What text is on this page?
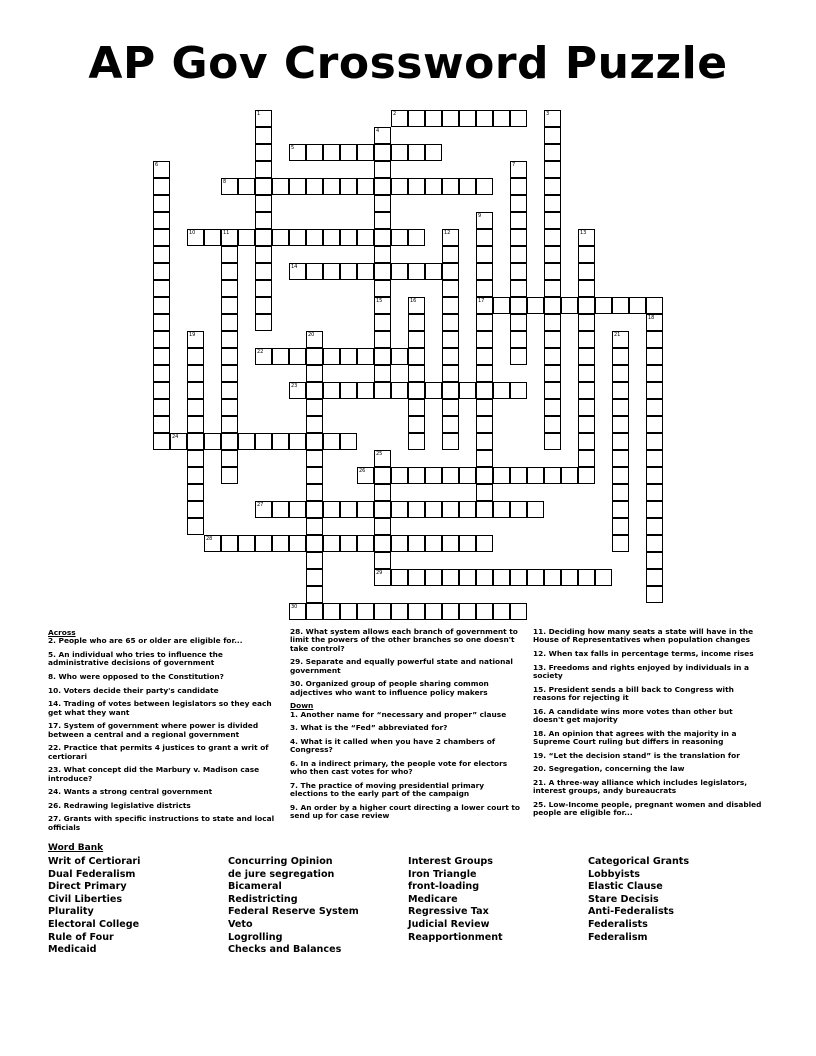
AP Gov Crossword Puzzle
1	2	3
4
15
5
6	7
8
9
17
10	11	12	13
14
16
18
19	20	21
22
23
24
25
29
26
27
28
30
Across
2. People who are 65 or older are eligible for...
5. An individual who tries to influence the administrative decisions of government
8. Who were opposed to the Constitution?
10. Voters decide their party's candidate
14. Trading of votes between legislators so they each get what they want
17. System of government where power is divided between a central and a regional government
22. Practice that permits 4 justices to grant a writ of certiorari
23. What concept did the Marbury v. Madison case introduce?
24. Wants a strong central government
26. Redrawing legislative districts
27. Grants with specific instructions to state and local officials
28. What system allows each branch of government to limit the powers of the other branches so one doesn't take control?
29. Separate and equally powerful state and national government
30. Organized group of people sharing common adjectives who want to influence policy makers
Down
1. Another name for “necessary and proper” clause
3. What is the “Fed” abbreviated for?
4. What is it called when you have 2 chambers of Congress?
6. In a indirect primary, the people vote for electors who then cast votes for who?
7. The practice of moving presidential primary elections to the early part of the campaign
9. An order by a higher court directing a lower court to send up for case review
11. Deciding how many seats a state will have in the House of Representatives when population changes
12. When tax falls in percentage terms, income rises
13. Freedoms and rights enjoyed by individuals in a society
15. President sends a bill back to Congress with reasons for rejecting it
16. A candidate wins more votes than other but doesn't get majority
18. An opinion that agrees with the majority in a Supreme Court ruling but differs in reasoning
19. “Let the decision stand” is the translation for
20. Segregation, concerning the law
21. A three-way alliance which includes legislators, interest groups, andy bureaucrats
25. Low-Income people, pregnant women and disabled people are eligible for...
Word Bank
Writ of Certiorari
Dual Federalism
Direct Primary
Civil Liberties
Plurality
Electoral College
Rule of Four
Medicaid
Concurring Opinion
de jure segregation
Bicameral
Redistricting
Federal Reserve System
Veto
Logrolling
Checks and Balances
Interest Groups
Iron Triangle
front-loading
Medicare
Regressive Tax
Judicial Review
Reapportionment
Categorical Grants
Lobbyists
Elastic Clause
Stare Decisis
Anti-Federalists
Federalists
Federalism
